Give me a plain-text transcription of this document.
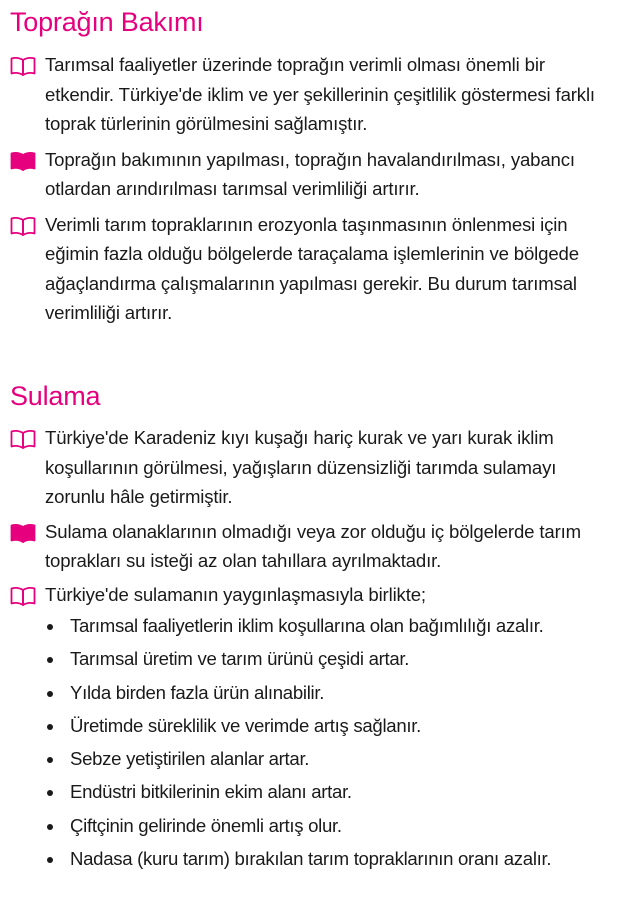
Toprağın Bakımı

Tarımsal faaliyetler üzerinde toprağın verimli olması önemli bir etkendir. Türkiye'de iklim ve yer şekillerinin çeşitlilik göstermesi farklı toprak türlerinin görülmesini sağlamıştır.

Toprağın bakımının yapılması, toprağın havalandırılması, yabancı otlardan arındırılması tarımsal verimliliği artırır.

Verimli tarım topraklarının erozyonla taşınmasının önlenmesi için eğimin fazla olduğu bölgelerde taraçalama işlemlerinin ve bölgede ağaçlandırma çalışmalarının yapılması gerekir. Bu durum tarımsal verimliliği artırır.

Sulama

Türkiye'de Karadeniz kıyı kuşağı hariç kurak ve yarı kurak iklim koşullarının görülmesi, yağışların düzensizliği tarımda sulamayı zorunlu hâle getirmiştir.

Sulama olanaklarının olmadığı veya zor olduğu iç bölgelerde tarım toprakları su isteği az olan tahıllara ayrılmaktadır.

Türkiye'de sulamanın yaygınlaşmasıyla birlikte;

Tarımsal faaliyetlerin iklim koşullarına olan bağımlılığı azalır.
Tarımsal üretim ve tarım ürünü çeşidi artar.
Yılda birden fazla ürün alınabilir.
Üretimde süreklilik ve verimde artış sağlanır.
Sebze yetiştirilen alanlar artar.
Endüstri bitkilerinin ekim alanı artar.
Çiftçinin gelirinde önemli artış olur.
Nadasa (kuru tarım) bırakılan tarım topraklarının oranı azalır.
